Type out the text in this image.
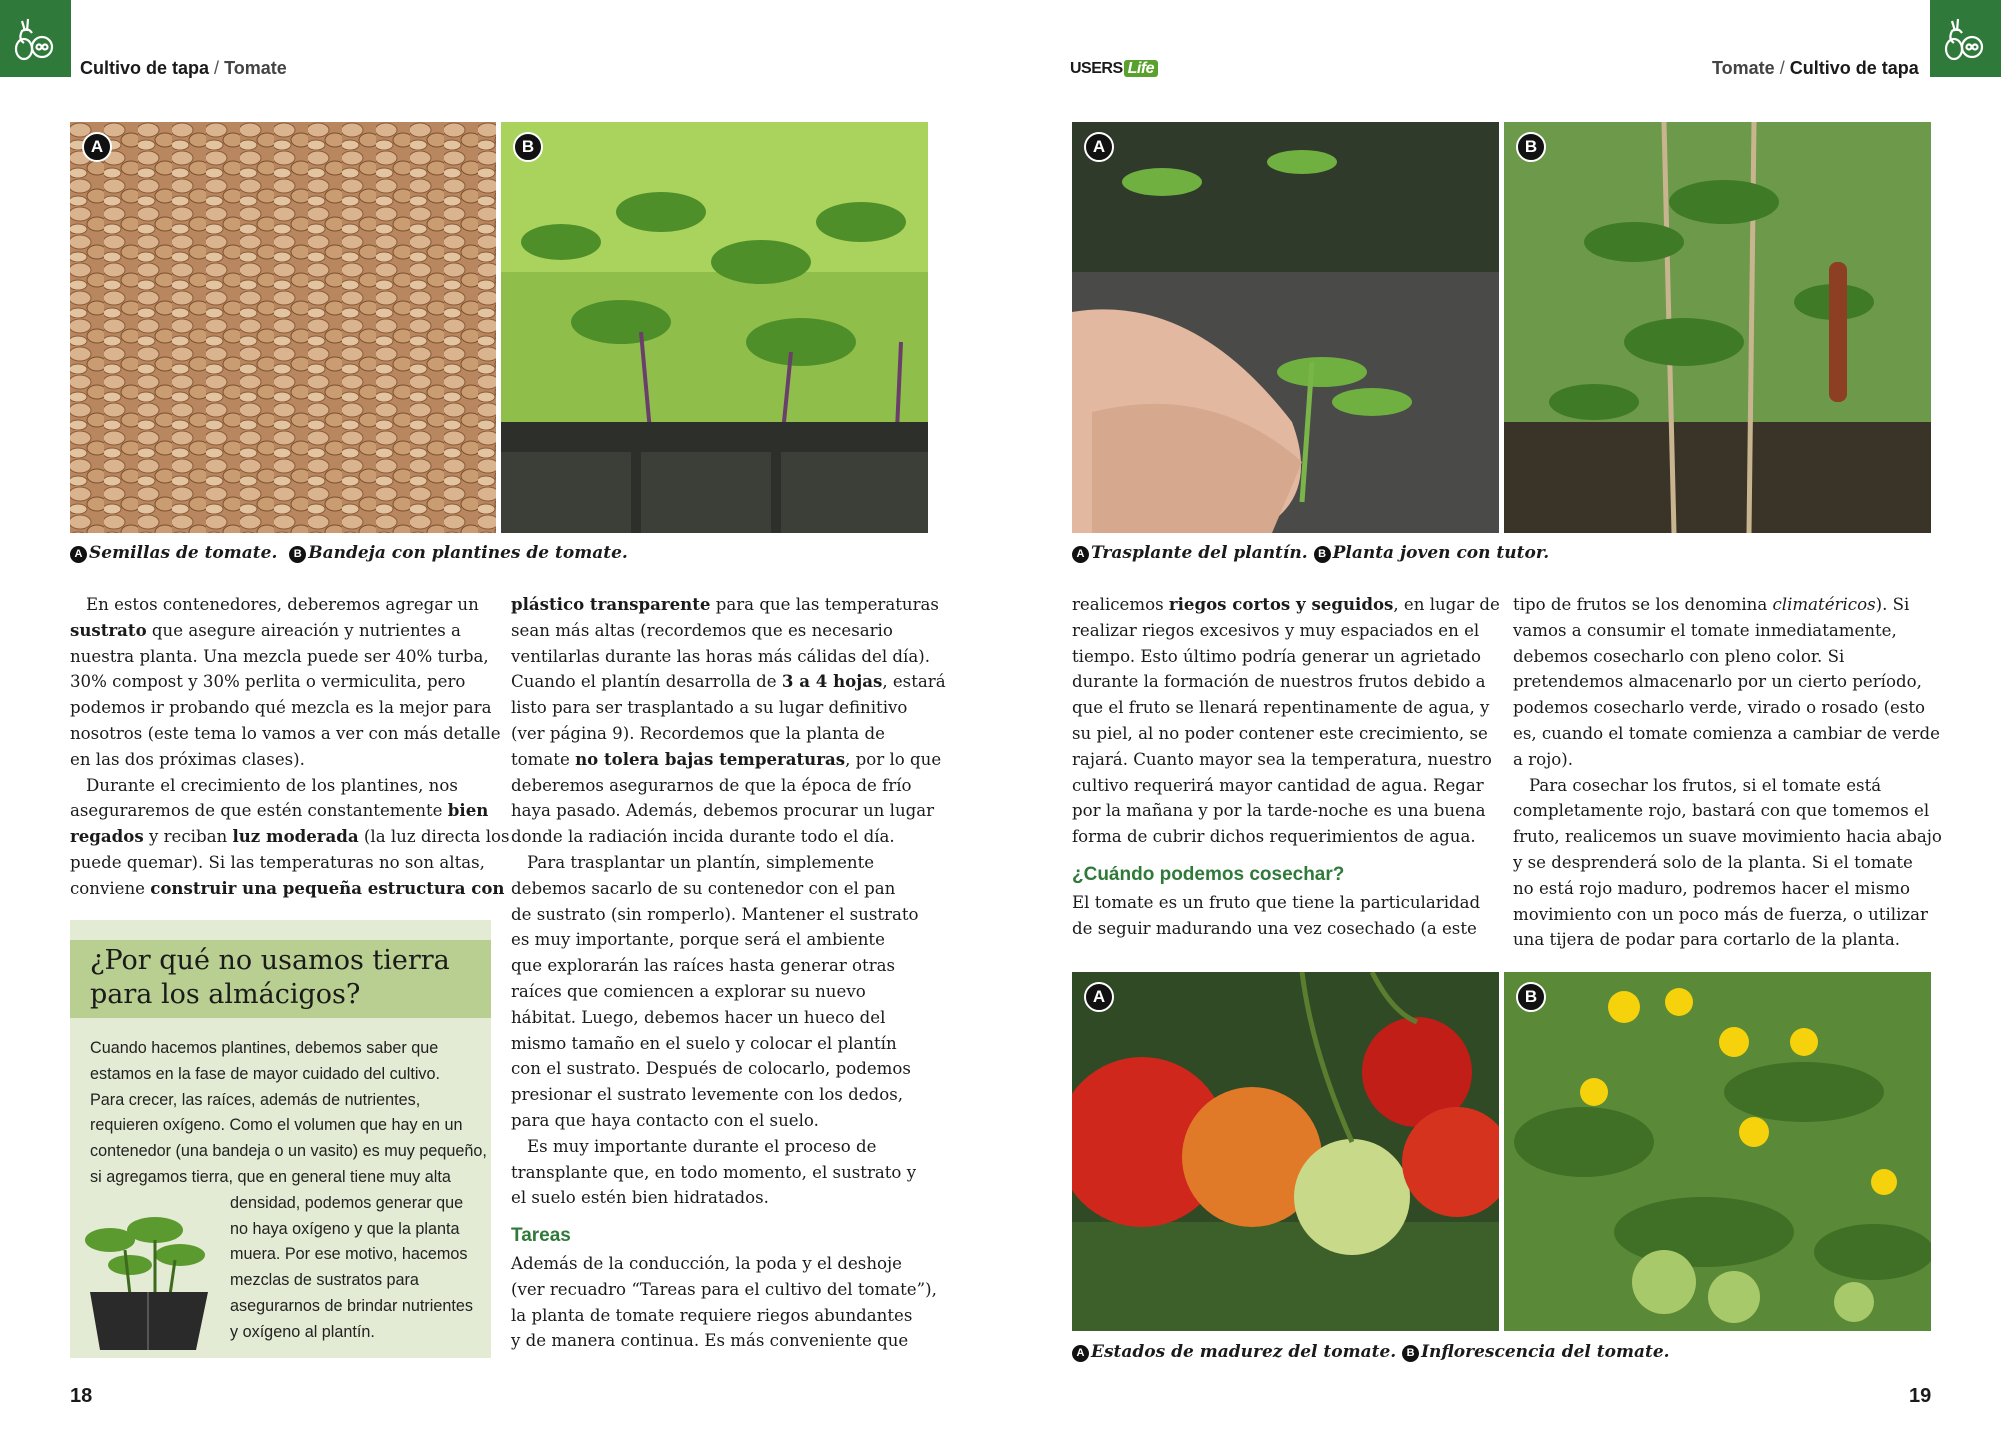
Cultivo de tapa / Tomate	USERS Life	Tomate / Cultivo de tapa
A	B
A Semillas de tomate. B Bandeja con plantines de tomate.
En estos contenedores, deberemos agregar un
sustrato que asegure aireación y nutrientes a
nuestra planta. Una mezcla puede ser 40% turba,
30% compost y 30% perlita o vermiculita, pero
podemos ir probando qué mezcla es la mejor para
nosotros (este tema lo vamos a ver con más detalle
en las dos próximas clases).
Durante el crecimiento de los plantines, nos
aseguraremos de que estén constantemente bien
regados y reciban luz moderada (la luz directa los
puede quemar). Si las temperaturas no son altas,
conviene construir una pequeña estructura con
¿Por qué no usamos tierra
para los almácigos?
Cuando hacemos plantines, debemos saber que
estamos en la fase de mayor cuidado del cultivo.
Para crecer, las raíces, además de nutrientes,
requieren oxígeno. Como el volumen que hay en un
contenedor (una bandeja o un vasito) es muy pequeño,
si agregamos tierra, que en general tiene muy alta
densidad, podemos generar que
no haya oxígeno y que la planta
muera. Por ese motivo, hacemos
mezclas de sustratos para
asegurarnos de brindar nutrientes
y oxígeno al plantín.
plástico transparente para que las temperaturas
sean más altas (recordemos que es necesario
ventilarlas durante las horas más cálidas del día).
Cuando el plantín desarrolla de 3 a 4 hojas, estará
listo para ser trasplantado a su lugar definitivo
(ver página 9). Recordemos que la planta de
tomate no tolera bajas temperaturas, por lo que
deberemos asegurarnos de que la época de frío
haya pasado. Además, debemos procurar un lugar
donde la radiación incida durante todo el día.
Para trasplantar un plantín, simplemente
debemos sacarlo de su contenedor con el pan
de sustrato (sin romperlo). Mantener el sustrato
es muy importante, porque será el ambiente
que explorarán las raíces hasta generar otras
raíces que comiencen a explorar su nuevo
hábitat. Luego, debemos hacer un hueco del
mismo tamaño en el suelo y colocar el plantín
con el sustrato. Después de colocarlo, podemos
presionar el sustrato levemente con los dedos,
para que haya contacto con el suelo.
Es muy importante durante el proceso de
transplante que, en todo momento, el sustrato y
el suelo estén bien hidratados.
Tareas
Además de la conducción, la poda y el deshoje
(ver recuadro “Tareas para el cultivo del tomate”),
la planta de tomate requiere riegos abundantes
y de manera continua. Es más conveniente que
18
A	B
A Trasplante del plantín. B Planta joven con tutor.
realicemos riegos cortos y seguidos, en lugar de
realizar riegos excesivos y muy espaciados en el
tiempo. Esto último podría generar un agrietado
durante la formación de nuestros frutos debido a
que el fruto se llenará repentinamente de agua, y
su piel, al no poder contener este crecimiento, se
rajará. Cuanto mayor sea la temperatura, nuestro
cultivo requerirá mayor cantidad de agua. Regar
por la mañana y por la tarde-noche es una buena
forma de cubrir dichos requerimientos de agua.
¿Cuándo podemos cosechar?
El tomate es un fruto que tiene la particularidad
de seguir madurando una vez cosechado (a este
tipo de frutos se los denomina climatéricos). Si
vamos a consumir el tomate inmediatamente,
debemos cosecharlo con pleno color. Si
pretendemos almacenarlo por un cierto período,
podemos cosecharlo verde, virado o rosado (esto
es, cuando el tomate comienza a cambiar de verde
a rojo).
Para cosechar los frutos, si el tomate está
completamente rojo, bastará con que tomemos el
fruto, realicemos un suave movimiento hacia abajo
y se desprenderá solo de la planta. Si el tomate
no está rojo maduro, podremos hacer el mismo
movimiento con un poco más de fuerza, o utilizar
una tijera de podar para cortarlo de la planta.
A	B
A Estados de madurez del tomate. B Inflorescencia del tomate.
19
